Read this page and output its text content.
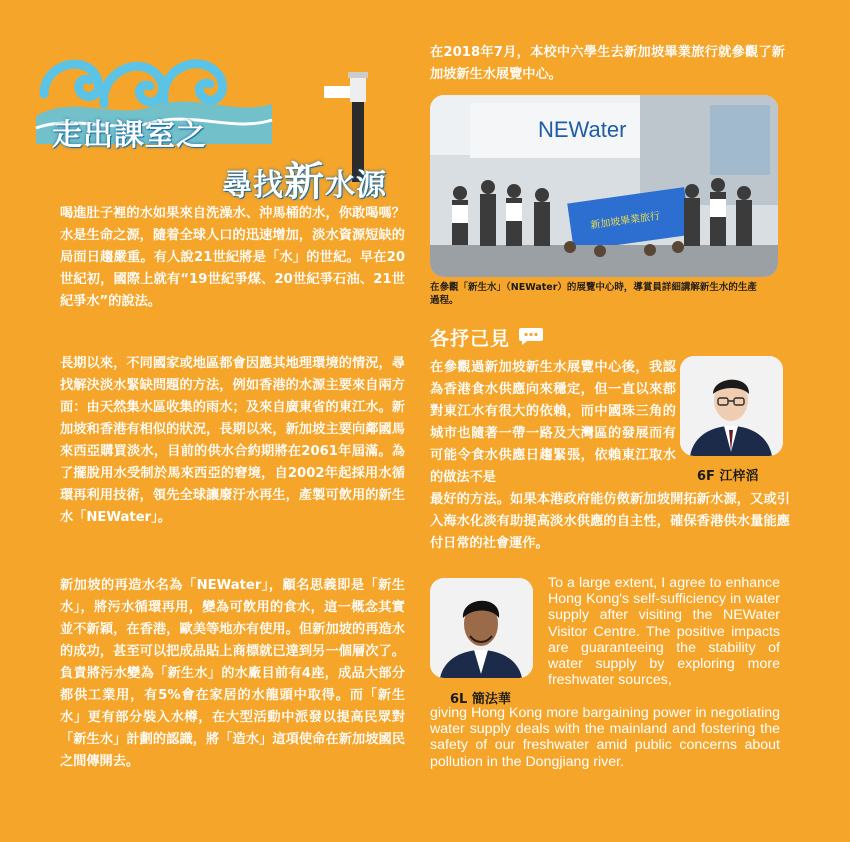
走出課室之
尋找新水源

喝進肚子裡的水如果來自洗澡水、沖馬桶的水，你敢喝嗎？水是生命之源，隨着全球人口的迅速增加，淡水資源短缺的局面日趨嚴重。有人說21世紀將是「水」的世紀。早在20世紀初，國際上就有“19世紀爭煤、20世紀爭石油、21世紀爭水”的說法。

長期以來，不同國家或地區都會因應其地理環境的情況，尋找解決淡水緊缺問題的方法，例如香港的水源主要來自兩方面：由天然集水區收集的雨水；及來自廣東省的東江水。新加坡和香港有相似的狀況，長期以來，新加坡主要向鄰國馬來西亞購買淡水，目前的供水合約期將在2061年屆滿。為了擺脫用水受制於馬來西亞的窘境，自2002年起採用水循環再利用技術，領先全球讓廢汙水再生，產製可飲用的新生水「NEWater」。

新加坡的再造水名為「NEWater」，顧名思義即是「新生水」，將污水循環再用，變為可飲用的食水，這一概念其實並不新穎，在香港，歐美等地亦有使用。但新加坡的再造水的成功，甚至可以把成品貼上商標就已達到另一個層次了。負責將污水變為「新生水」的水廠目前有4座，成品大部分都供工業用，有5%會在家居的水龍頭中取得。而「新生水」更有部分裝入水樽，在大型活動中派發以提高民眾對「新生水」計劃的認識，將「造水」這項使命在新加坡國民之間傳開去。

在2018年7月，本校中六學生去新加坡畢業旅行就參觀了新加坡新生水展覽中心。

NEWater
新加坡畢業旅行
在參觀「新生水」（NEWater）的展覽中心時，導賞員詳細講解新生水的生產過程。
各抒己見

在參觀過新加坡新生水展覽中心後，我認為香港食水供應向來穩定，但一直以來都對東江水有很大的依賴，而中國珠三角的城市也隨著一帶一路及大灣區的發展而有可能令食水供應日趨緊張，依賴東江取水的做法不是

最好的方法。如果本港政府能仿傚新加坡開拓新水源，又或引入海水化淡有助提高淡水供應的自主性，確保香港供水量能應付日常的社會運作。

6F 江梓滔
6L 簡法華

To a large extent, I agree to enhance Hong Kong's self-sufficiency in water supply after visiting the NEWater Visitor Centre. The positive impacts are guaranteeing the stability of water supply by exploring more freshwater sources,

giving Hong Kong more bargaining power in negotiating water supply deals with the mainland and fostering the safety of our freshwater amid public concerns about pollution in the Dongjiang river.
